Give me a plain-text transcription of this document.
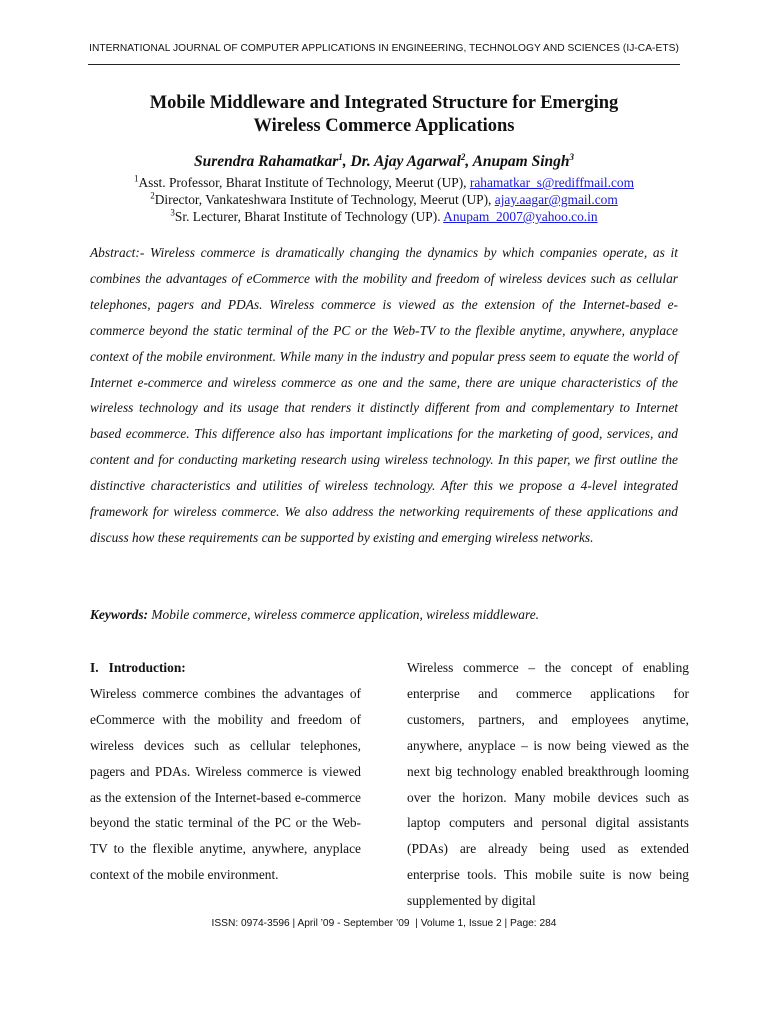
INTERNATIONAL JOURNAL OF COMPUTER APPLICATIONS IN ENGINEERING, TECHNOLOGY AND SCIENCES (IJ-CA-ETS)
Mobile Middleware and Integrated Structure for Emerging
Wireless Commerce Applications
Surendra Rahamatkar$^1$, Dr. Ajay Agarwal$^2$, Anupam Singh$^3$
$^1$Asst. Professor, Bharat Institute of Technology, Meerut (UP), rahamatkar_s@rediffmail.com
$^2$Director, Vankateshwara Institute of Technology, Meerut (UP), ajay.aagar@gmail.com
$^3$Sr. Lecturer, Bharat Institute of Technology (UP). Anupam_2007@yahoo.co.in

Abstract:- Wireless commerce is dramatically changing the dynamics by which companies operate, as it combines the advantages of eCommerce with the mobility and freedom of wireless devices such as cellular telephones, pagers and PDAs. Wireless commerce is viewed as the extension of the Internet-based e-commerce beyond the static terminal of the PC or the Web-TV to the flexible anytime, anywhere, anyplace context of the mobile environment. While many in the industry and popular press seem to equate the world of Internet e-commerce and wireless commerce as one and the same, there are unique characteristics of the wireless technology and its usage that renders it distinctly different from and complementary to Internet based ecommerce. This difference also has important implications for the marketing of good, services, and content and for conducting marketing research using wireless technology. In this paper, we first outline the distinctive characteristics and utilities of wireless technology. After this we propose a 4-level integrated framework for wireless commerce. We also address the networking requirements of these applications and discuss how these requirements can be supported by existing and emerging wireless networks.

Keywords: Mobile commerce, wireless commerce application, wireless middleware.

I.   Introduction:

Wireless commerce combines the advantages of eCommerce with the mobility and freedom of wireless devices such as cellular telephones, pagers and PDAs. Wireless commerce is viewed as the extension of the Internet-based e-commerce beyond the static terminal of the PC or the Web-TV to the flexible anytime, anywhere, anyplace context of the mobile environment.

Wireless commerce – the concept of enabling enterprise and commerce applications for customers, partners, and employees anytime, anywhere, anyplace – is now being viewed as the next big technology enabled breakthrough looming over the horizon. Many mobile devices such as laptop computers and personal digital assistants (PDAs) are already being used as extended enterprise tools. This mobile suite is now being supplemented by digital

ISSN: 0974-3596 | April ’09 - September ’09  | Volume 1, Issue 2 | Page: 284
